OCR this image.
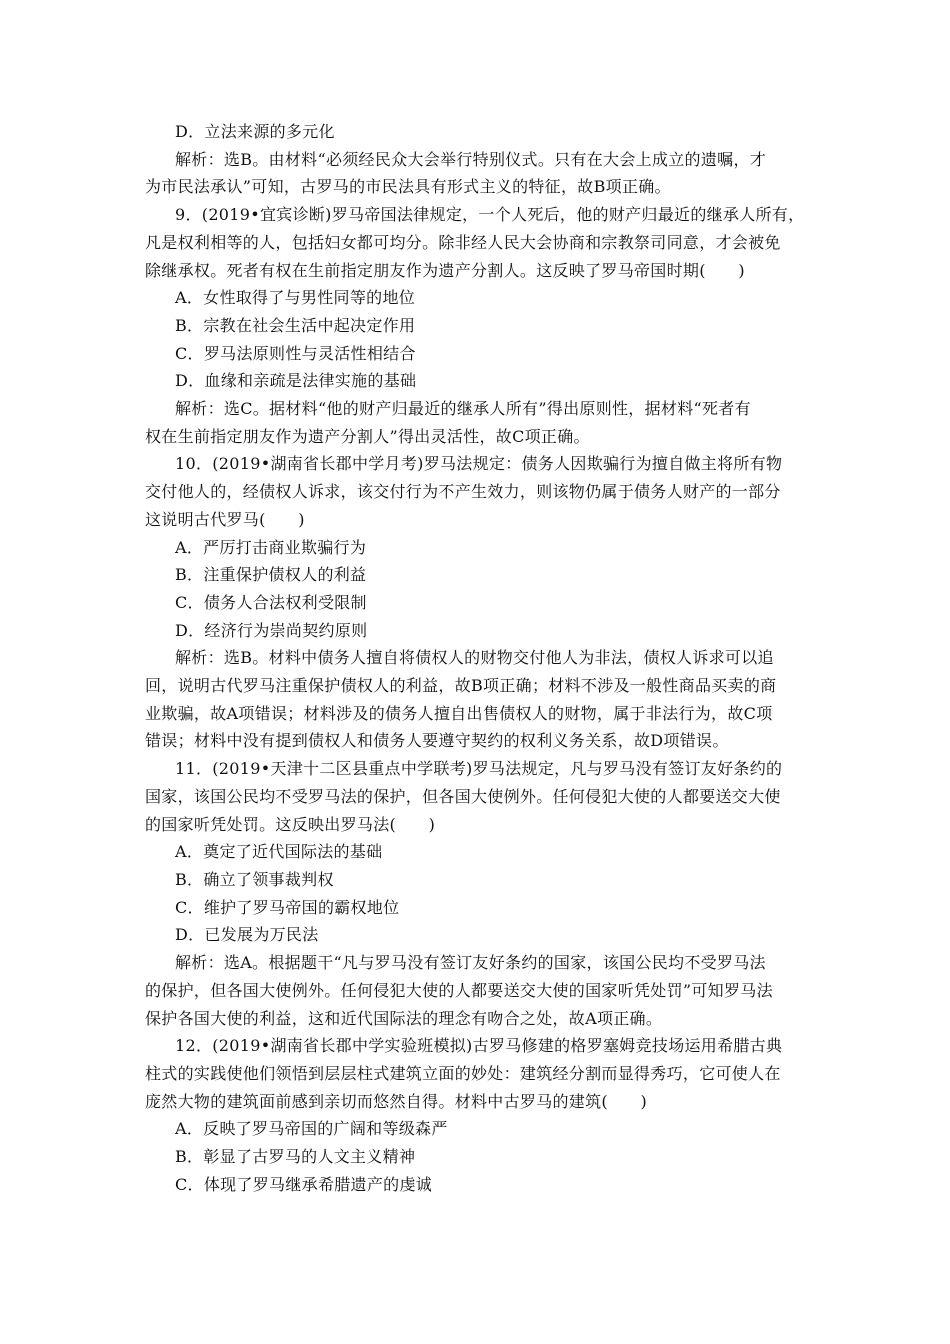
D．立法来源的多元化
解析：选B。由材料“必须经民众大会举行特别仪式。只有在大会上成立的遗嘱，才
为市民法承认”可知，古罗马的市民法具有形式主义的特征，故B项正确。
9．(2019•宜宾诊断)罗马帝国法律规定，一个人死后，他的财产归最近的继承人所有，
凡是权利相等的人，包括妇女都可均分。除非经人民大会协商和宗教祭司同意，才会被免
除继承权。死者有权在生前指定朋友作为遗产分割人。这反映了罗马帝国时期(　　)
A．女性取得了与男性同等的地位
B．宗教在社会生活中起决定作用
C．罗马法原则性与灵活性相结合
D．血缘和亲疏是法律实施的基础
解析：选C。据材料“他的财产归最近的继承人所有”得出原则性，据材料“死者有
权在生前指定朋友作为遗产分割人”得出灵活性，故C项正确。
10．(2019•湖南省长郡中学月考)罗马法规定：债务人因欺骗行为擅自做主将所有物
交付他人的，经债权人诉求，该交付行为不产生效力，则该物仍属于债务人财产的一部分
这说明古代罗马(　　)
A．严厉打击商业欺骗行为
B．注重保护债权人的利益
C．债务人合法权利受限制
D．经济行为崇尚契约原则
解析：选B。材料中债务人擅自将债权人的财物交付他人为非法，债权人诉求可以追
回，说明古代罗马注重保护债权人的利益，故B项正确；材料不涉及一般性商品买卖的商
业欺骗，故A项错误；材料涉及的债务人擅自出售债权人的财物，属于非法行为，故C项
错误；材料中没有提到债权人和债务人要遵守契约的权利义务关系，故D项错误。
11．(2019•天津十二区县重点中学联考)罗马法规定，凡与罗马没有签订友好条约的
国家，该国公民均不受罗马法的保护，但各国大使例外。任何侵犯大使的人都要送交大使
的国家听凭处罚。这反映出罗马法(　　)
A．奠定了近代国际法的基础
B．确立了领事裁判权
C．维护了罗马帝国的霸权地位
D．已发展为万民法
解析：选A。根据题干“凡与罗马没有签订友好条约的国家，该国公民均不受罗马法
的保护，但各国大使例外。任何侵犯大使的人都要送交大使的国家听凭处罚”可知罗马法
保护各国大使的利益，这和近代国际法的理念有吻合之处，故A项正确。
12．(2019•湖南省长郡中学实验班模拟)古罗马修建的格罗塞姆竞技场运用希腊古典
柱式的实践使他们领悟到层层柱式建筑立面的妙处：建筑经分割而显得秀巧，它可使人在
庞然大物的建筑面前感到亲切而悠然自得。材料中古罗马的建筑(　　)
A．反映了罗马帝国的广阔和等级森严
B．彰显了古罗马的人文主义精神
C．体现了罗马继承希腊遗产的虔诚
